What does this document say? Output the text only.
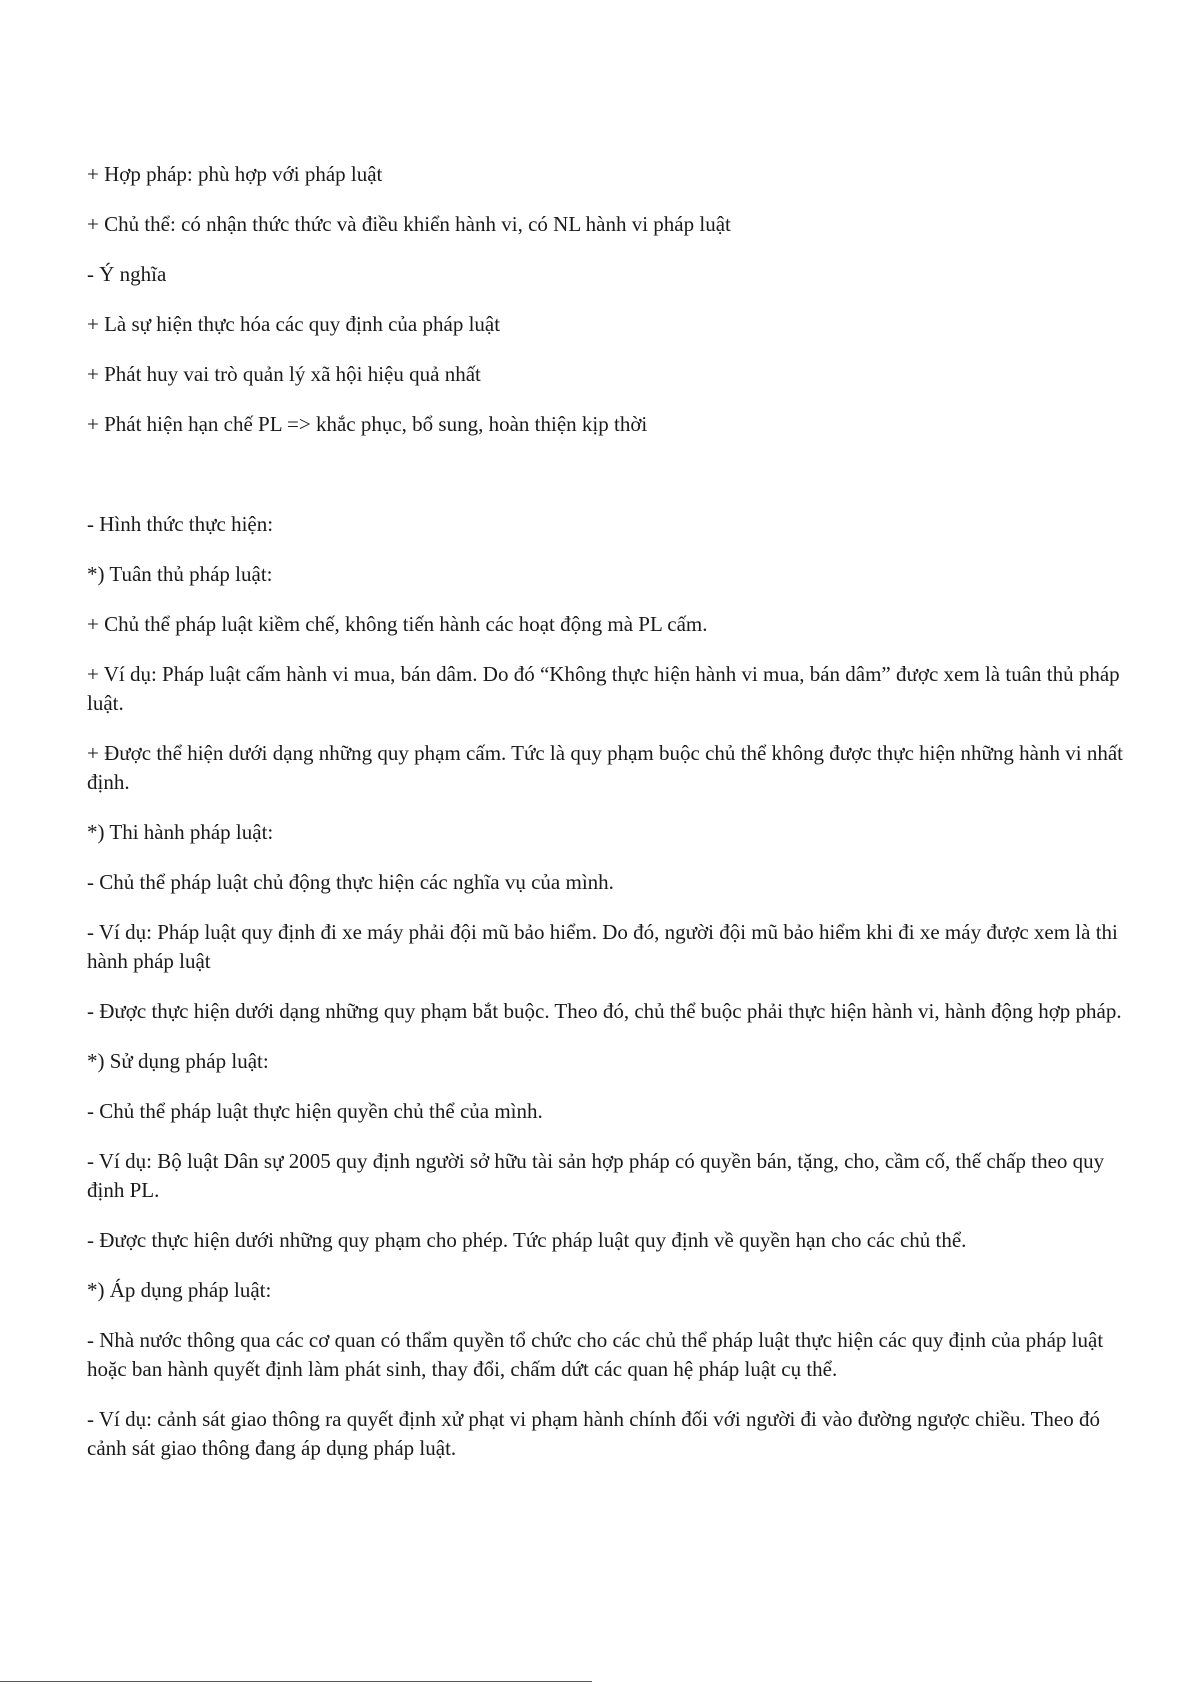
+ Hợp pháp: phù hợp với pháp luật

+ Chủ thể: có nhận thức thức và điều khiển hành vi, có NL hành vi pháp luật

- Ý nghĩa

+ Là sự hiện thực hóa các quy định của pháp luật

+ Phát huy vai trò quản lý xã hội hiệu quả nhất

+ Phát hiện hạn chế PL => khắc phục, bổ sung, hoàn thiện kịp thời

- Hình thức thực hiện:

*) Tuân thủ pháp luật:

+ Chủ thể pháp luật kiềm chế, không tiến hành các hoạt động mà PL cấm.

+ Ví dụ: Pháp luật cấm hành vi mua, bán dâm. Do đó “Không thực hiện hành vi mua, bán dâm” được xem là tuân thủ pháp luật.

+ Được thể hiện dưới dạng những quy phạm cấm. Tức là quy phạm buộc chủ thể không được thực hiện những hành vi nhất định.

*) Thi hành pháp luật:

- Chủ thể pháp luật chủ động thực hiện các nghĩa vụ của mình.

- Ví dụ: Pháp luật quy định đi xe máy phải đội mũ bảo hiểm. Do đó, người đội mũ bảo hiểm khi đi xe máy được xem là thi hành pháp luật

- Được thực hiện dưới dạng những quy phạm bắt buộc. Theo đó, chủ thể buộc phải thực hiện hành vi, hành động hợp pháp.

*) Sử dụng pháp luật:

- Chủ thể pháp luật thực hiện quyền chủ thể của mình.

- Ví dụ: Bộ luật Dân sự 2005 quy định người sở hữu tài sản hợp pháp có quyền bán, tặng, cho, cầm cố, thế chấp theo quy định PL.

- Được thực hiện dưới những quy phạm cho phép. Tức pháp luật quy định về quyền hạn cho các chủ thể.

*) Áp dụng pháp luật:

- Nhà nước thông qua các cơ quan có thẩm quyền tổ chức cho các chủ thể pháp luật thực hiện các quy định của pháp luật hoặc ban hành quyết định làm phát sinh, thay đổi, chấm dứt các quan hệ pháp luật cụ thể.

- Ví dụ: cảnh sát giao thông ra quyết định xử phạt vi phạm hành chính đối với người đi vào đường ngược chiều. Theo đó cảnh sát giao thông đang áp dụng pháp luật.
